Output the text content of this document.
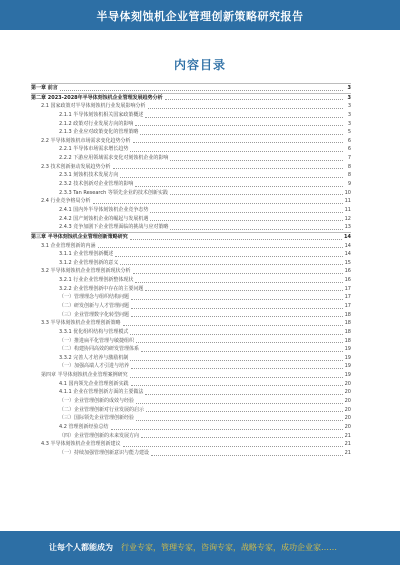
半导体刻蚀机企业管理创新策略研究报告
内容目录
第一章 前言	3
第二章 2023-2028年半导体刻蚀机企业管理发展趋势分析	3
2.1 国家政策对半导体刻蚀机行业发展影响分析	3
2.1.1 半导体刻蚀机相关国家政策概述	3
2.1.2 政策对行业发展方向的影响	3
2.1.3 企业应对政策变化的管理策略	5
2.2 半导体刻蚀机市场需求变化趋势分析	6
2.2.1 半导体市场需求增长趋势	6
2.2.2 下游应用领域需求变化对刻蚀机企业的影响	7
2.3 技术创新驱动发展趋势分析	8
2.3.1 刻蚀机技术发展方向	8
2.3.2 技术创新对企业管理的影响	9
2.3.3 Tan Research 等领先企业的技术创新实践	10
2.4 行业竞争格局分析	11
2.4.1 国内外半导体刻蚀机企业竞争态势	11
2.4.2 国产刻蚀机企业的崛起与发展机遇	12
2.4.3 竞争加剧下企业管理面临的挑战与应对策略	13
第三章 半导体刻蚀机企业管理创新策略研究	14
3.1 企业管理创新的内涵	14
3.1.1 企业管理创新概述	14
3.1.2 企业管理创新的意义	15
3.2 半导体刻蚀机企业管理创新现状分析	16
3.2.1 行业企业管理创新整体现状	16
3.2.2 企业管理创新中存在的主要问题	17
（一）管理理念与组织结构问题	17
（二）研发创新与人才管理问题	17
（三）企业管理数字化转型问题	18
3.3 半导体刻蚀机企业管理创新策略	18
3.3.1 优化组织结构与管理模式	18
（一）推进扁平化管理与敏捷组织	18
（二）构建协同高效的研发管理体系	19
3.3.2 完善人才培养与激励机制	19
（一）加强高端人才引进与培养	19
第四章 半导体刻蚀机企业管理案例研究	19
4.1 国内领先企业管理创新实践	20
4.1.1 企业在管理创新方面的主要做法	20
（一）企业管理创新的成效与经验	20
（二）企业管理创新对行业发展的启示	20
（三）国际领先企业管理创新经验	20
4.2 管理创新经验总结	20
（四）企业管理创新的未来发展方向	21
4.3 半导体刻蚀机企业管理创新建议	21
（一）持续加强管理创新意识与能力建设	21
让每个人都能成为 行业专家，管理专家，咨询专家，战略专家，成功企业家……
